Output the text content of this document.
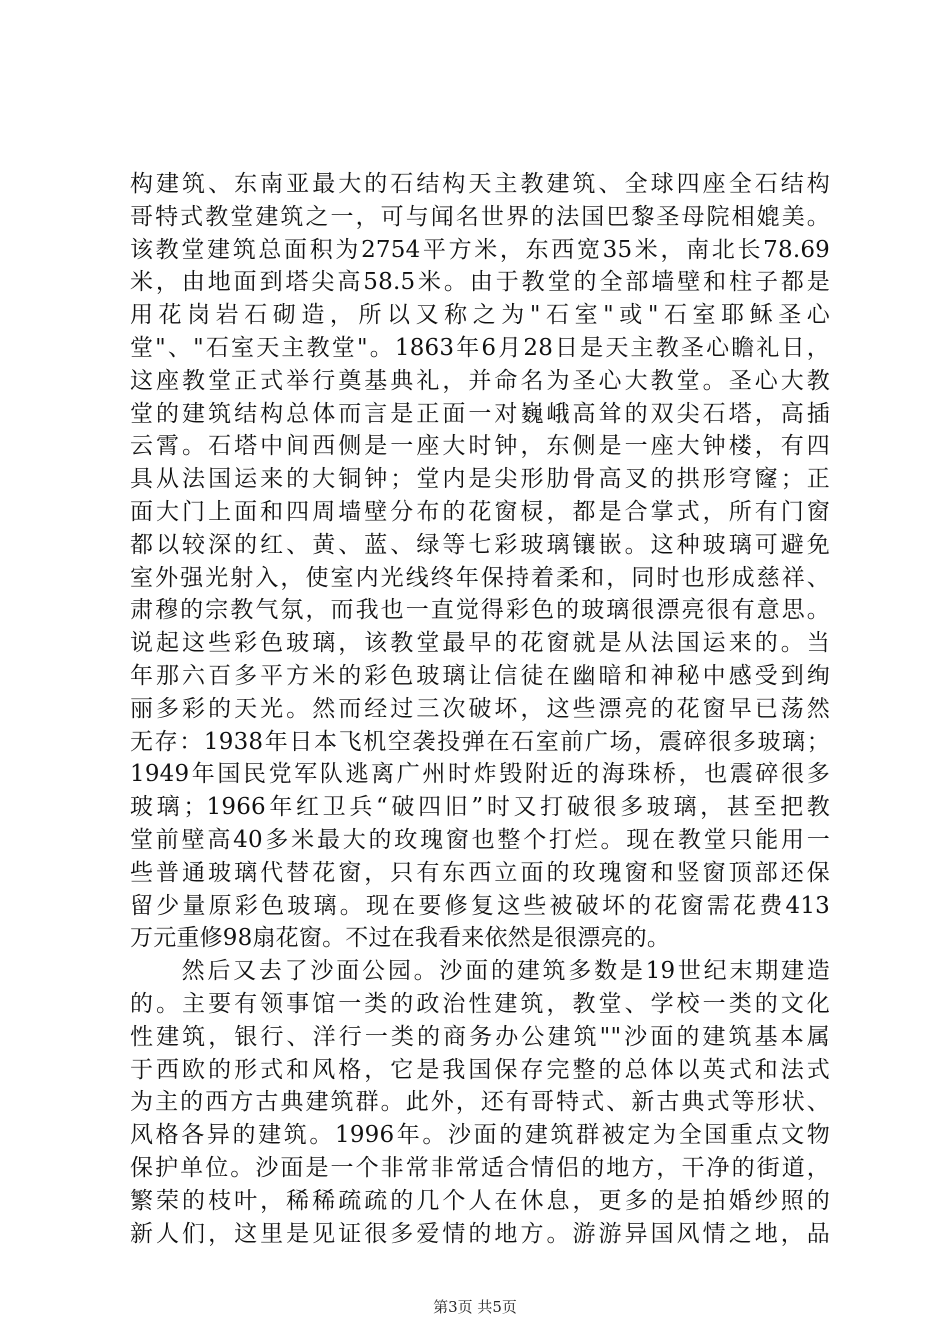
构建筑、东南亚最大的石结构天主教建筑、全球四座全石结构
哥特式教堂建筑之一，可与闻名世界的法国巴黎圣母院相媲美。
该教堂建筑总面积为2754平方米，东西宽35米，南北长78.69
米，由地面到塔尖高58.5米。由于教堂的全部墙壁和柱子都是
用花岗岩石砌造，所以又称之为"石室"或"石室耶稣圣心
堂"、"石室天主教堂"。1863年6月28日是天主教圣心瞻礼日，
这座教堂正式举行奠基典礼，并命名为圣心大教堂。圣心大教
堂的建筑结构总体而言是正面一对巍峨高耸的双尖石塔，高插
云霄。石塔中间西侧是一座大时钟，东侧是一座大钟楼，有四
具从法国运来的大铜钟；堂内是尖形肋骨高叉的拱形穹窿；正
面大门上面和四周墙壁分布的花窗棂，都是合掌式，所有门窗
都以较深的红、黄、蓝、绿等七彩玻璃镶嵌。这种玻璃可避免
室外强光射入，使室内光线终年保持着柔和，同时也形成慈祥、
肃穆的宗教气氛，而我也一直觉得彩色的玻璃很漂亮很有意思。
说起这些彩色玻璃，该教堂最早的花窗就是从法国运来的。当
年那六百多平方米的彩色玻璃让信徒在幽暗和神秘中感受到绚
丽多彩的天光。然而经过三次破坏，这些漂亮的花窗早已荡然
无存：1938年日本飞机空袭投弹在石室前广场，震碎很多玻璃；
1949年国民党军队逃离广州时炸毁附近的海珠桥，也震碎很多
玻璃；1966年红卫兵“破四旧”时又打破很多玻璃，甚至把教
堂前壁高40多米最大的玫瑰窗也整个打烂。现在教堂只能用一
些普通玻璃代替花窗，只有东西立面的玫瑰窗和竖窗顶部还保
留少量原彩色玻璃。现在要修复这些被破坏的花窗需花费413
万元重修98扇花窗。不过在我看来依然是很漂亮的。
　　然后又去了沙面公园。沙面的建筑多数是19世纪末期建造
的。主要有领事馆一类的政治性建筑，教堂、学校一类的文化
性建筑，银行、洋行一类的商务办公建筑""沙面的建筑基本属
于西欧的形式和风格，它是我国保存完整的总体以英式和法式
为主的西方古典建筑群。此外，还有哥特式、新古典式等形状、
风格各异的建筑。1996年。沙面的建筑群被定为全国重点文物
保护单位。沙面是一个非常非常适合情侣的地方，干净的街道，
繁荣的枝叶，稀稀疏疏的几个人在休息，更多的是拍婚纱照的
新人们，这里是见证很多爱情的地方。游游异国风情之地，品
第3页 共5页
